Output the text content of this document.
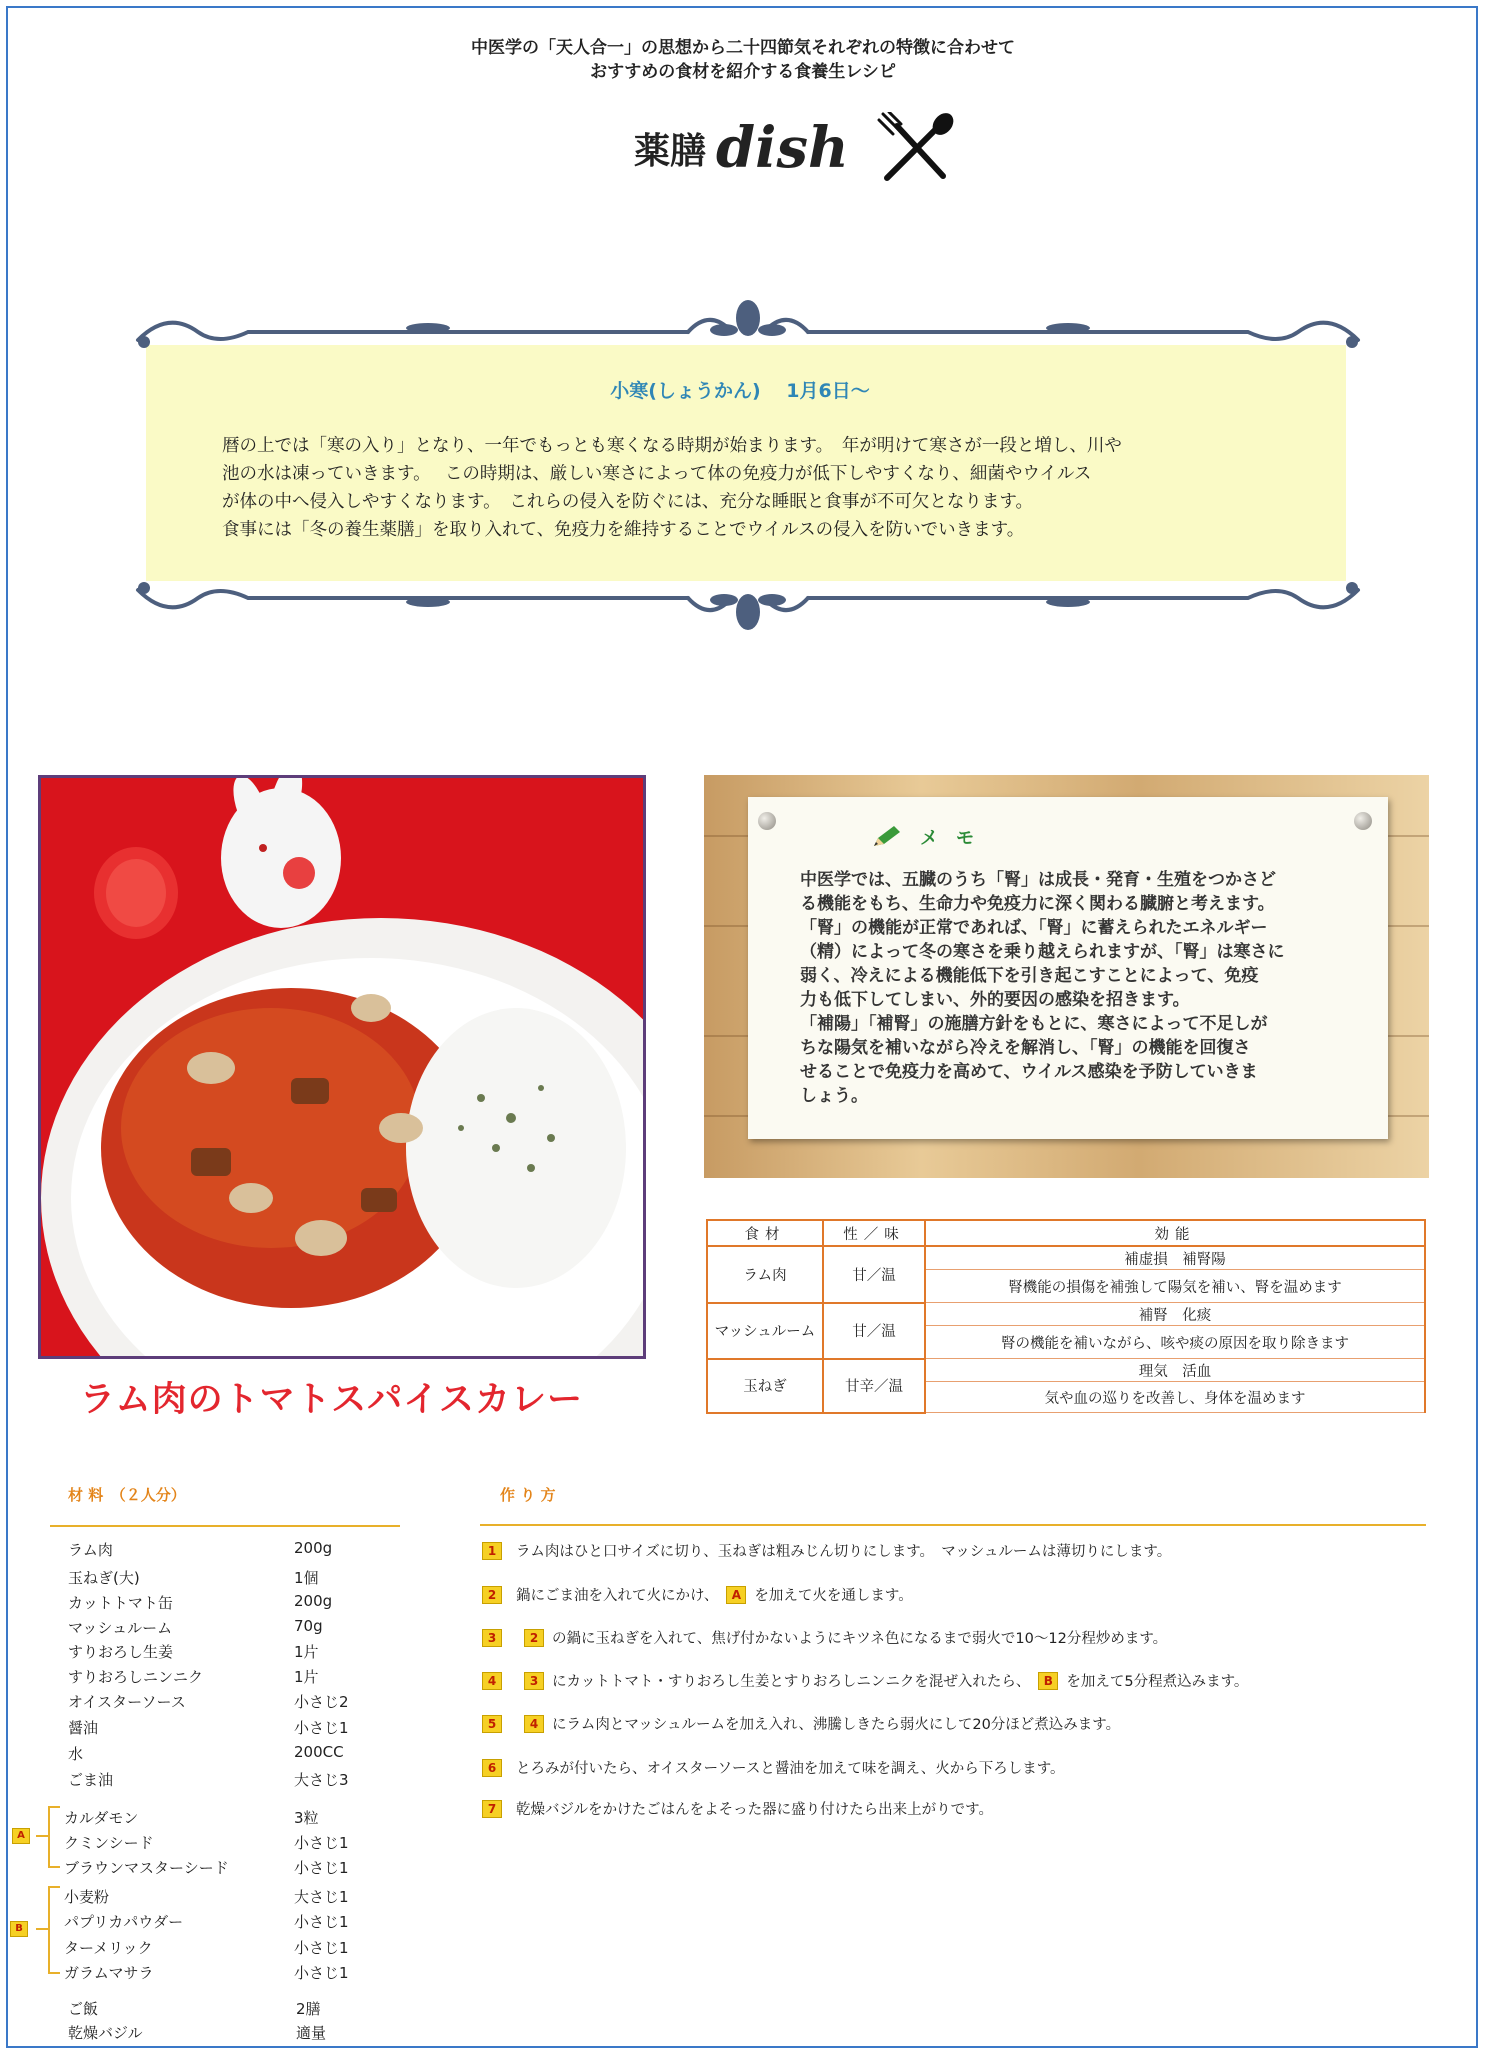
中医学の「天人合一」の思想から二十四節気それぞれの特徴に合わせて
おすすめの食材を紹介する食養生レシピ
薬膳 dish
小寒(しょうかん)　 1月6日～
暦の上では「寒の入り」となり、一年でもっとも寒くなる時期が始まります。　年が明けて寒さが一段と増し、川や
池の水は凍っていきます。　 この時期は、厳しい寒さによって体の免疫力が低下しやすくなり、細菌やウイルス
が体の中へ侵入しやすくなります。　これらの侵入を防ぐには、充分な睡眠と食事が不可欠となります。
食事には「冬の養生薬膳」を取り入れて、免疫力を維持することでウイルスの侵入を防いでいきます。
ラム肉のトマトスパイスカレー
メ　モ
中医学では、五臓のうち「腎」は成長・発育・生殖をつかさど
る機能をもち、生命力や免疫力に深く関わる臓腑と考えます。
「腎」の機能が正常であれば、「腎」に蓄えられたエネルギー
（精）によって冬の寒さを乗り越えられますが、「腎」は寒さに
弱く、冷えによる機能低下を引き起こすことによって、免疫
力も低下してしまい、外的要因の感染を招きます。
「補陽」「補腎」の施膳方針をもとに、寒さによって不足しが
ちな陽気を補いながら冷えを解消し、「腎」の機能を回復さ
せることで免疫力を高めて、ウイルス感染を予防していきま
しょう。
食材	性／味	効能
ラム肉	甘／温	補虚損　補腎陽
		腎機能の損傷を補強して陽気を補い、腎を温めます
マッシュルーム	甘／温	補腎　化痰
		腎の機能を補いながら、咳や痰の原因を取り除きます
玉ねぎ	甘辛／温	理気　活血
		気や血の巡りを改善し、身体を温めます
材 料　（２人分）
ラム肉	200g
玉ねぎ(大)	1個
カットトマト缶	200g
マッシュルーム	70g
すりおろし生姜	1片
すりおろしニンニク	1片
オイスターソース	小さじ2
醤油	小さじ1
水	200CC
ごま油	大さじ3
カルダモン	3粒
クミンシード	小さじ1
ブラウンマスターシード	小さじ1
小麦粉	大さじ1
パプリカパウダー	小さじ1
ターメリック	小さじ1
ガラムマサラ	小さじ1
ご飯	2膳
乾燥バジル	適量
A
B
作 り 方
1	ラム肉はひと口サイズに切り、玉ねぎは粗みじん切りにします。　マッシュルームは薄切りにします。
2	鍋にごま油を入れて火にかけ、	A を加えて火を通します。
3	2 の鍋に玉ねぎを入れて、焦げ付かないようにキツネ色になるまで弱火で10～12分程炒めます。
4	3 にカットトマト・すりおろし生姜とすりおろしニンニクを混ぜ入れたら、	B を加えて5分程煮込みます。
5	4 にラム肉とマッシュルームを加え入れ、沸騰しきたら弱火にして20分ほど煮込みます。
6	とろみが付いたら、オイスターソースと醤油を加えて味を調え、火から下ろします。
7	乾燥バジルをかけたごはんをよそった器に盛り付けたら出来上がりです。
